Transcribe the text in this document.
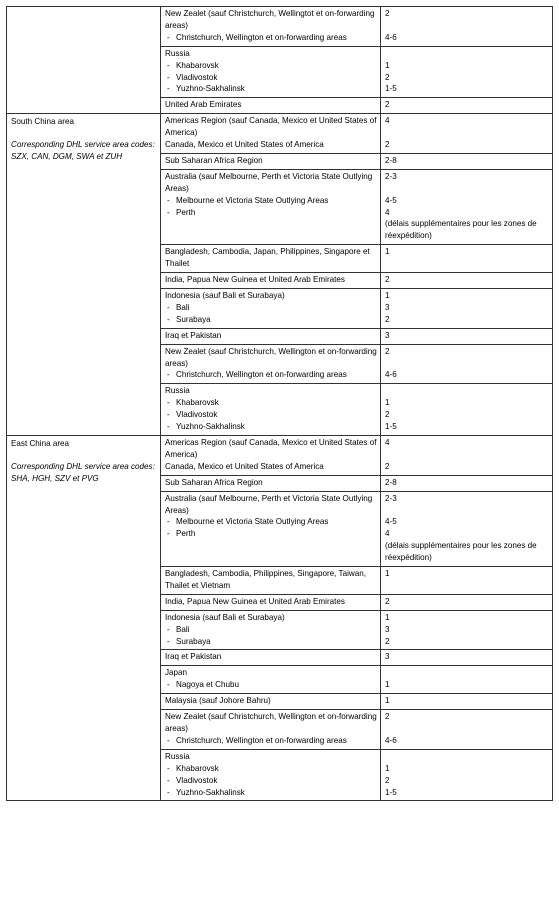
	New Zealet (sauf Christchurch, Wellingtot et on-forwarding areas)
- Christchurch, Wellington et on-forwarding areas	2
4-6

	Russia
- Khabarovsk
- Vladivostok
- Yuzhno-Sakhalinsk	1
2
1-5

	United Arab Emirates	2

South China area
Corresponding DHL service area codes: SZX, CAN, DGM, SWA et ZUH	Americas Region (sauf Canada, Mexico et United States of America)
Canada, Mexico et United States of America	4
2

	Sub Saharan Africa Region	2-8

	Australia (sauf Melbourne, Perth et Victoria State Outlying Areas)
- Melbourne et Victoria State Outlying Areas
- Perth	2-3
4-5
4
(délais supplémentaires pour les zones de réexpédition)

	Bangladesh, Cambodia, Japan, Philippines, Singapore et Thailet	1

	India, Papua New Guinea et United Arab Emirates	2

	Indonesia (sauf Bali et Surabaya)
- Bali
- Surabaya	1
3
2

	Iraq et Pakistan	3

	New Zealet (sauf Christchurch, Wellington et on-forwarding areas)
- Christchurch, Wellington et on-forwarding areas	2
4-6

	Russia
- Khabarovsk
- Vladivostok
- Yuzhno-Sakhalinsk	1
2
1-5

East China area
Corresponding DHL service area codes: SHA, HGH, SZV et PVG	Americas Region (sauf Canada, Mexico et United States of America)
Canada, Mexico et United States of America	4
2

	Sub Saharan Africa Region	2-8

	Australia (sauf Melbourne, Perth et Victoria State Outlying Areas)
- Melbourne et Victoria State Outlying Areas
- Perth	2-3
4-5
4
(délais supplémentaires pour les zones de réexpédition)

	Bangladesh, Cambodia, Philippines, Singapore, Taiwan, Thailet et Vietnam	1

	India, Papua New Guinea et United Arab Emirates	2

	Indonesia (sauf Bali et Surabaya)
- Bali
- Surabaya	1
3
2

	Iraq et Pakistan	3

	Japan
- Nagoya et Chubu	1

	Malaysia (sauf Johore Bahru)	1

	New Zealet (sauf Christchurch, Wellington et on-forwarding areas)
- Christchurch, Wellington et on-forwarding areas	2
4-6

	Russia
- Khabarovsk
- Vladivostok
- Yuzhno-Sakhalinsk	1
2
1-5
